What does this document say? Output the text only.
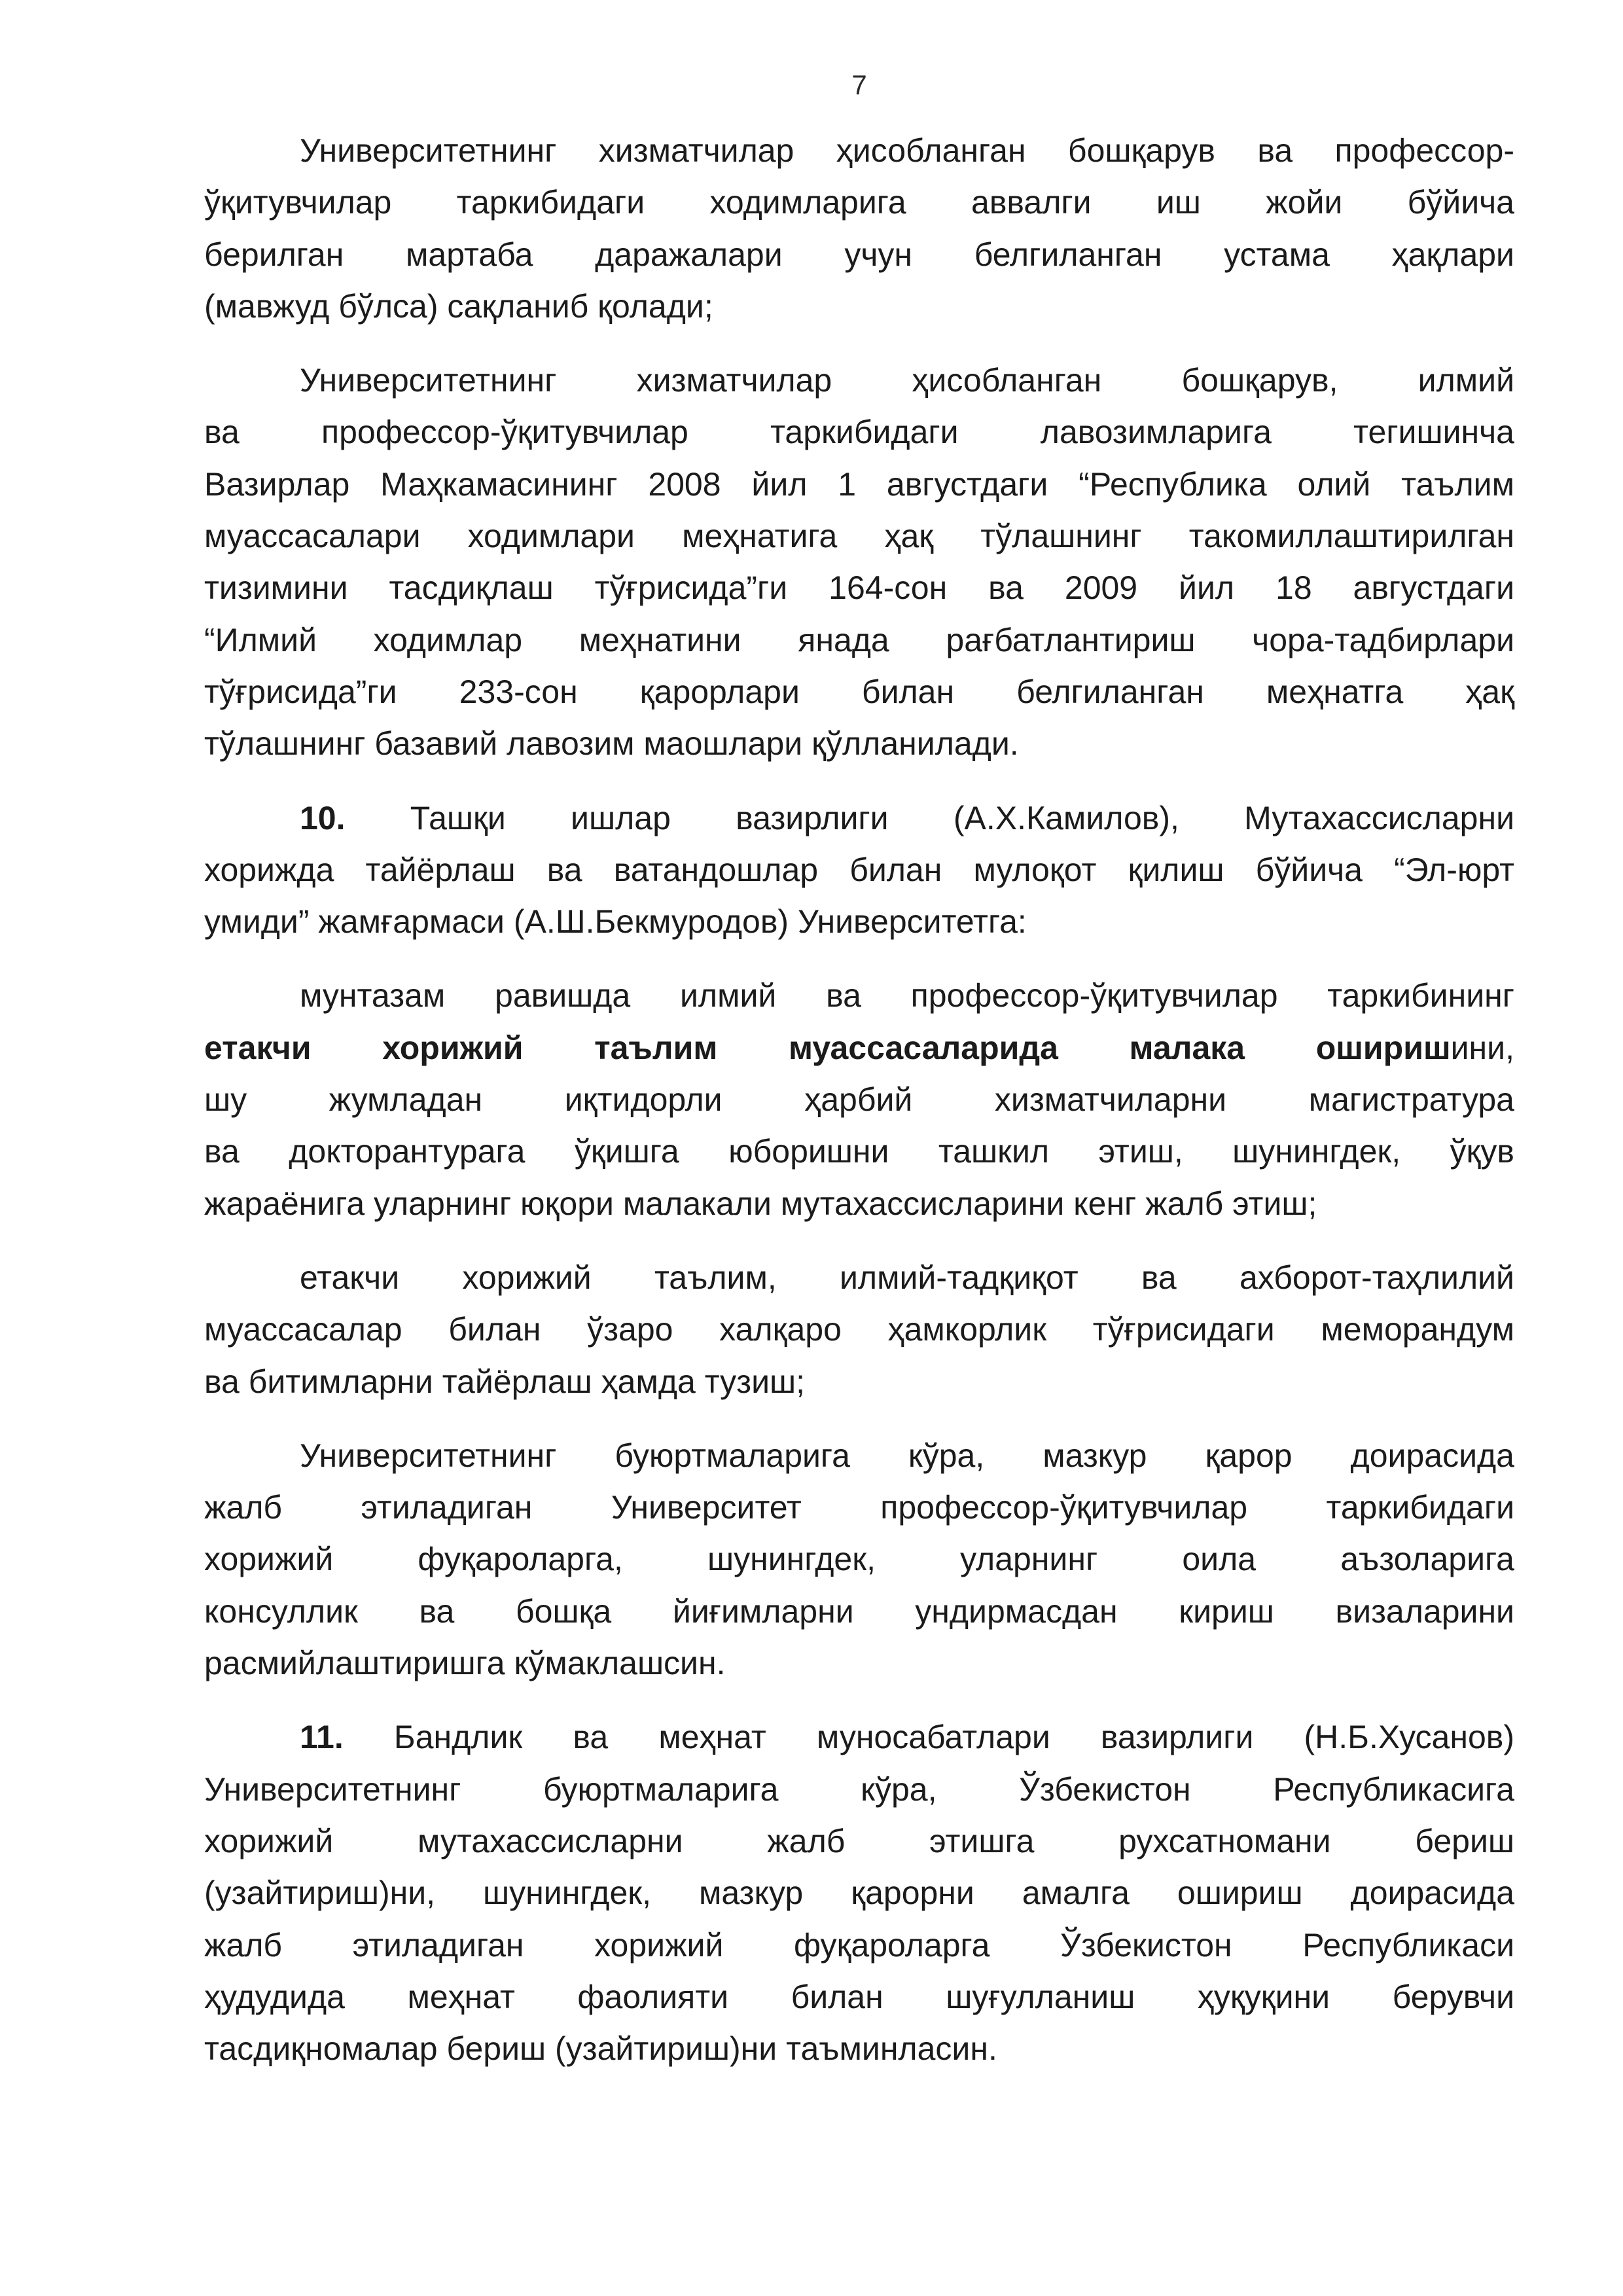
7
Университетнинг хизматчилар ҳисобланган бошқарув ва профессор-
ўқитувчилар таркибидаги ходимларига аввалги иш жойи бўйича
берилган мартаба даражалари учун белгиланган устама ҳақлари
(мавжуд бўлса) сақланиб қолади;
Университетнинг хизматчилар ҳисобланган бошқарув, илмий
ва профессор-ўқитувчилар таркибидаги лавозимларига тегишинча
Вазирлар Маҳкамасининг 2008 йил 1 августдаги “Республика олий таълим
муассасалари ходимлари меҳнатига ҳақ тўлашнинг такомиллаштирилган
тизимини тасдиқлаш тўғрисида”ги 164-сон ва 2009 йил 18 августдаги
“Илмий ходимлар меҳнатини янада рағбатлантириш чора-тадбирлари
тўғрисида”ги 233-сон қарорлари билан белгиланган меҳнатга ҳақ
тўлашнинг базавий лавозим маошлари қўлланилади.
10. Ташқи ишлар вазирлиги (А.Х.Камилов), Мутахассисларни
хорижда тайёрлаш ва ватандошлар билан мулоқот қилиш бўйича “Эл-юрт
умиди” жамғармаси (А.Ш.Бекмуродов) Университетга:
мунтазам равишда илмий ва профессор-ўқитувчилар таркибининг
етакчи хорижий таълим муассасаларида малака оширишини,
шу жумладан иқтидорли ҳарбий хизматчиларни магистратура
ва докторантурага ўқишга юборишни ташкил этиш, шунингдек, ўқув
жараёнига уларнинг юқори малакали мутахассисларини кенг жалб этиш;
етакчи хорижий таълим, илмий-тадқиқот ва ахборот-таҳлилий
муассасалар билан ўзаро халқаро ҳамкорлик тўғрисидаги меморандум
ва битимларни тайёрлаш ҳамда тузиш;
Университетнинг буюртмаларига кўра, мазкур қарор доирасида
жалб этиладиган Университет профессор-ўқитувчилар таркибидаги
хорижий фуқароларга, шунингдек, уларнинг оила аъзоларига
консуллик ва бошқа йиғимларни ундирмасдан кириш визаларини
расмийлаштиришга кўмаклашсин.
11. Бандлик ва меҳнат муносабатлари вазирлиги (Н.Б.Хусанов)
Университетнинг буюртмаларига кўра, Ўзбекистон Республикасига
хорижий мутахассисларни жалб этишга рухсатномани бериш
(узайтириш)ни, шунингдек, мазкур қарорни амалга ошириш доирасида
жалб этиладиган хорижий фуқароларга Ўзбекистон Республикаси
ҳудудида меҳнат фаолияти билан шуғулланиш ҳуқуқини берувчи
тасдиқномалар бериш (узайтириш)ни таъминласин.
